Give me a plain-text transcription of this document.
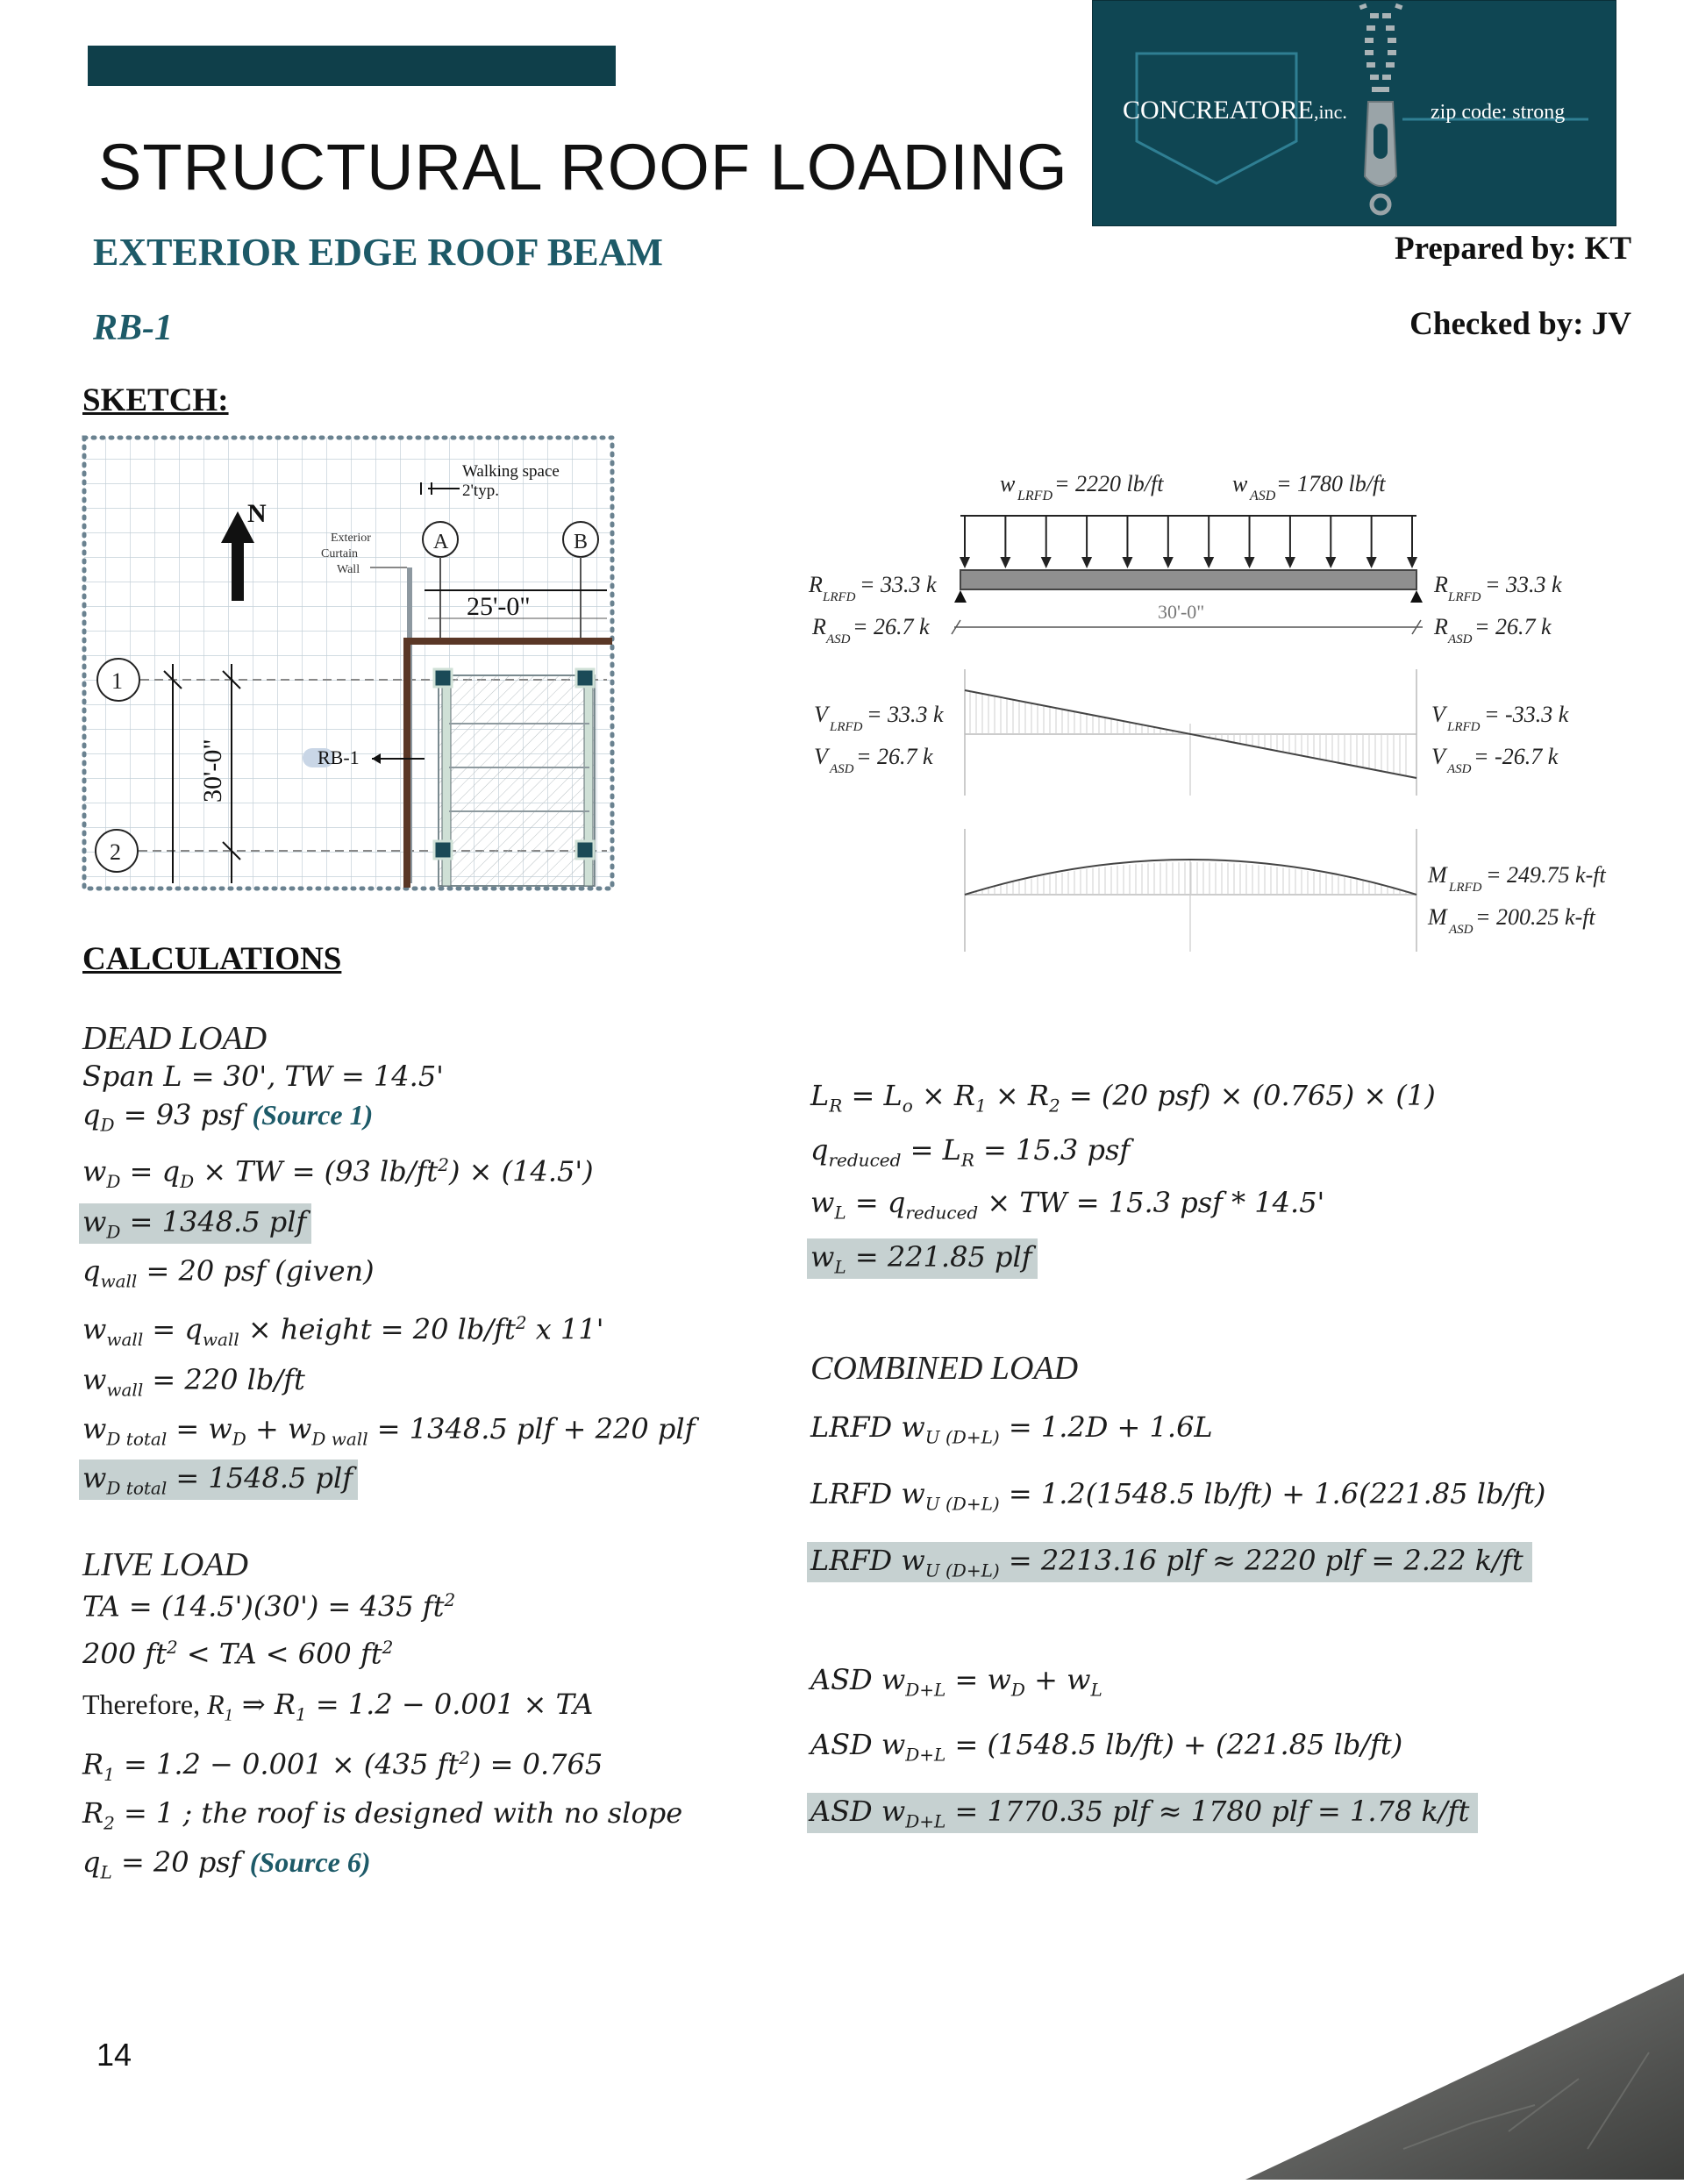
STRUCTURAL ROOF LOADING
CONCREATORE ,inc.	zip code: strong
EXTERIOR EDGE ROOF BEAM
RB-1
Prepared by: KT
Checked by: JV
SKETCH:
N
A	B
1
2
Walking space
2'typ.
Exterior
Curtain
Wall
25'-0"
30'-0"	RB-1
w LRFD = 2220 lb/ft	w ASD = 1780 lb/ft
30'-0"
R LRFD = 33.3 k
R ASD = 26.7 k
R LRFD = 33.3 k
R ASD = 26.7 k
V LRFD = 33.3 k
V ASD = 26.7 k
V LRFD = -33.3 k
V ASD = -26.7 k
M LRFD = 249.75 k-ft
M ASD = 200.25 k-ft
CALCULATIONS
DEAD LOAD
Span L = 30', TW = 14.5'
$q_D = 93$ psf (Source 1)
$w_D = q_D$ × TW = (93 $lb/ft^2) \times (14.5')$
$w_D = 1348.5$ plf
$q_{wall} = 20$ psf (given)
$w_{wall} = q_{wall}$ × height = 20 $lb/ft^2$ x 11'
$w_{wall} = 220$ lb/ft
$w_{D total} = w_D + w_{D wall} = 1348.5$ plf + 220 plf
$w_{D total} = 1548.5$ plf
LIVE LOAD
TA = (14.5')(30') = 435 $ft^2$
200 $ft^2$ < TA < 600 $ft^2$
Therefore, $R_1$ ⇒ $R_1 = 1.2 - 0.001$ × TA
$R_1 = 1.2 - 0.001 \times (435$ $ft^2) = 0.765$
$R_2 = 1$ ; the roof is designed with no slope
$q_L = 20$ psf (Source 6)
$L_R = L_o \times R_1 \times R_2 = (20$ psf) × (0.765) × (1)
$q_{reduced} = L_R = 15.3$ psf
$w_L = q_{reduced}$ × TW = 15.3 psf * 14.5'
$w_L = 221.85$ plf
COMBINED LOAD
LRFD $w_{U (D+L)} = 1.2D + 1.6L$
LRFD $w_{U (D+L)} = 1.2(1548.5$ lb/ft) + 1.6(221.85 lb/ft)
LRFD $w_{U (D+L)} = 2213.16$ plf ≈ 2220 plf = 2.22 k/ft
ASD $w_{D+L} = w_D + w_L$
ASD $w_{D+L} = (1548.5$ lb/ft) + (221.85 lb/ft)
ASD $w_{D+L} = 1770.35$ plf ≈ 1780 plf = 1.78 k/ft
14
